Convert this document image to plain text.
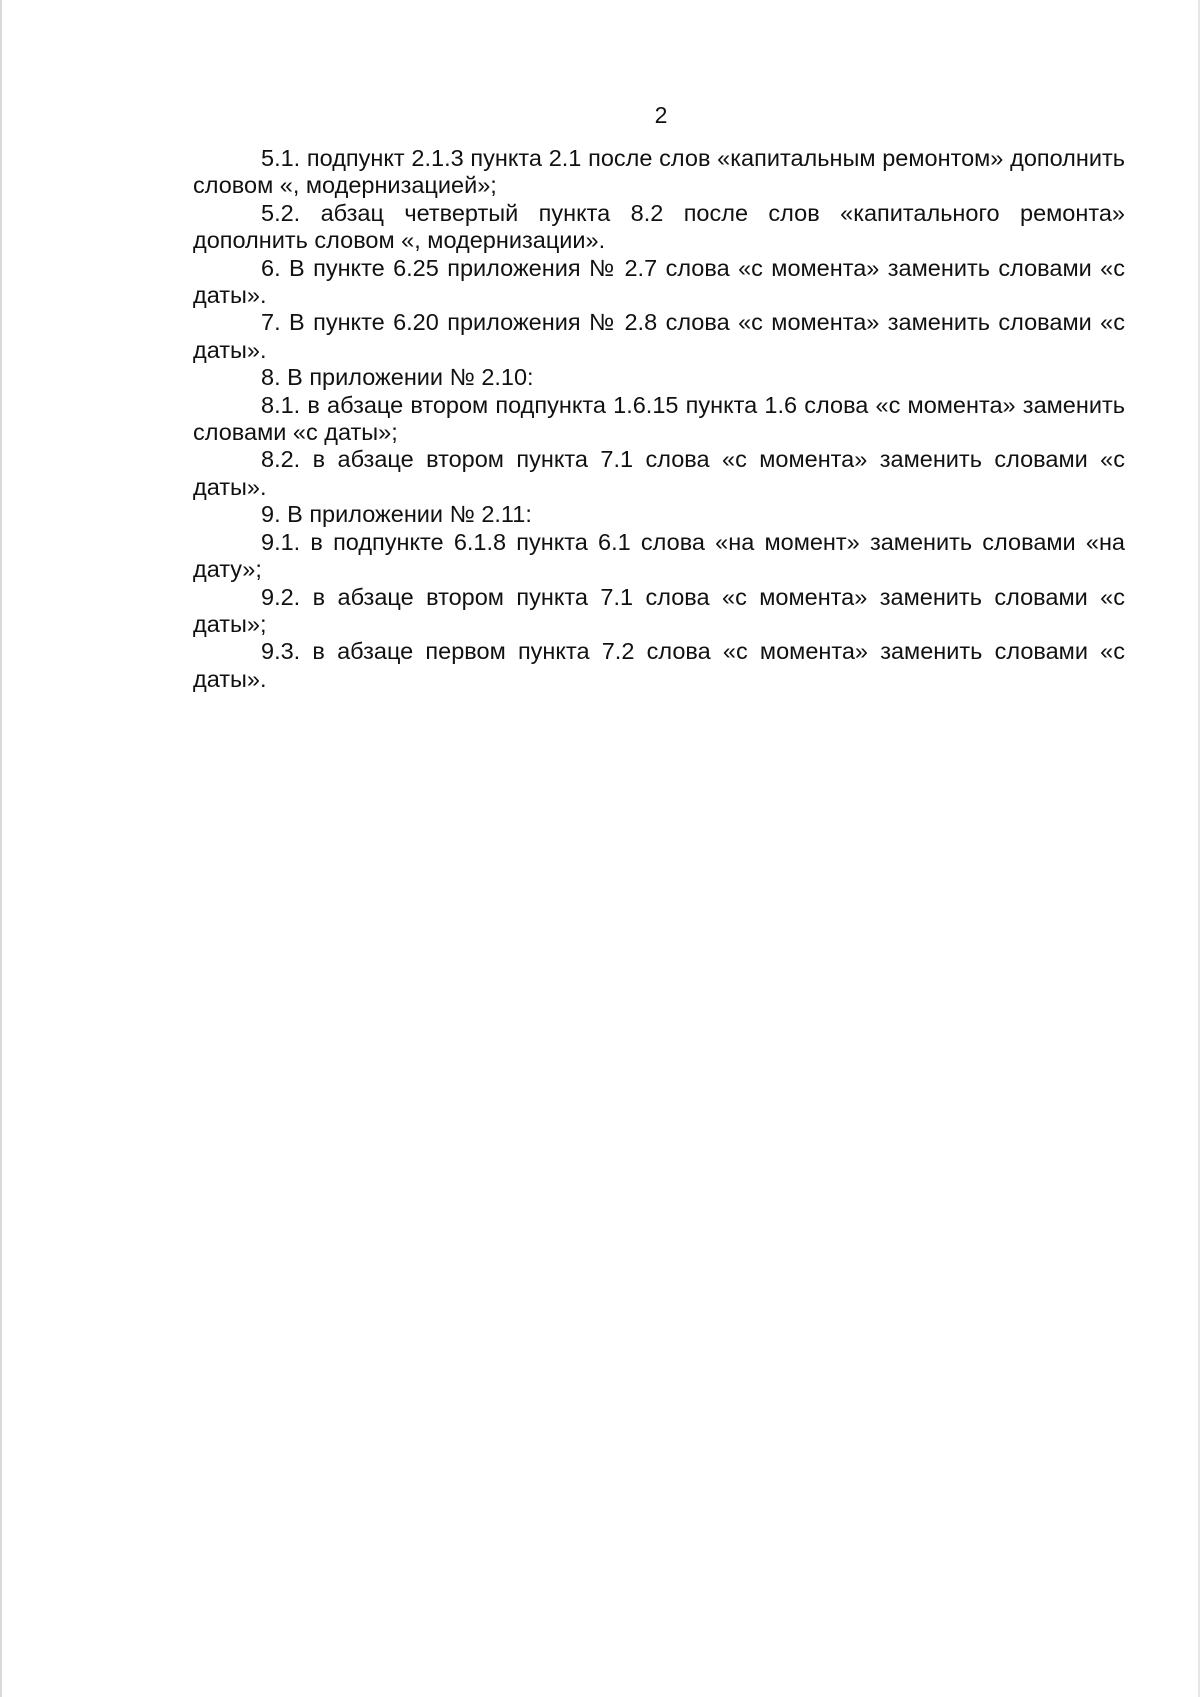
2

5.1. подпункт 2.1.3 пункта 2.1 после слов «капитальным ремонтом» дополнить словом «, модернизацией»;

5.2. абзац четвертый пункта 8.2 после слов «капитального ремонта» дополнить словом «, модернизации».

6. В пункте 6.25 приложения № 2.7 слова «с момента» заменить словами «с даты».

7. В пункте 6.20 приложения № 2.8 слова «с момента» заменить словами «с даты».

8. В приложении № 2.10:

8.1. в абзаце втором подпункта 1.6.15 пункта 1.6 слова «с момента» заменить словами «с даты»;

8.2. в абзаце втором пункта 7.1 слова «с момента» заменить словами «с даты».

9. В приложении № 2.11:

9.1. в подпункте 6.1.8 пункта 6.1 слова «на момент» заменить словами «на дату»;

9.2. в абзаце втором пункта 7.1 слова «с момента» заменить словами «с даты»;

9.3. в абзаце первом пункта 7.2 слова «с момента» заменить словами «с даты».
